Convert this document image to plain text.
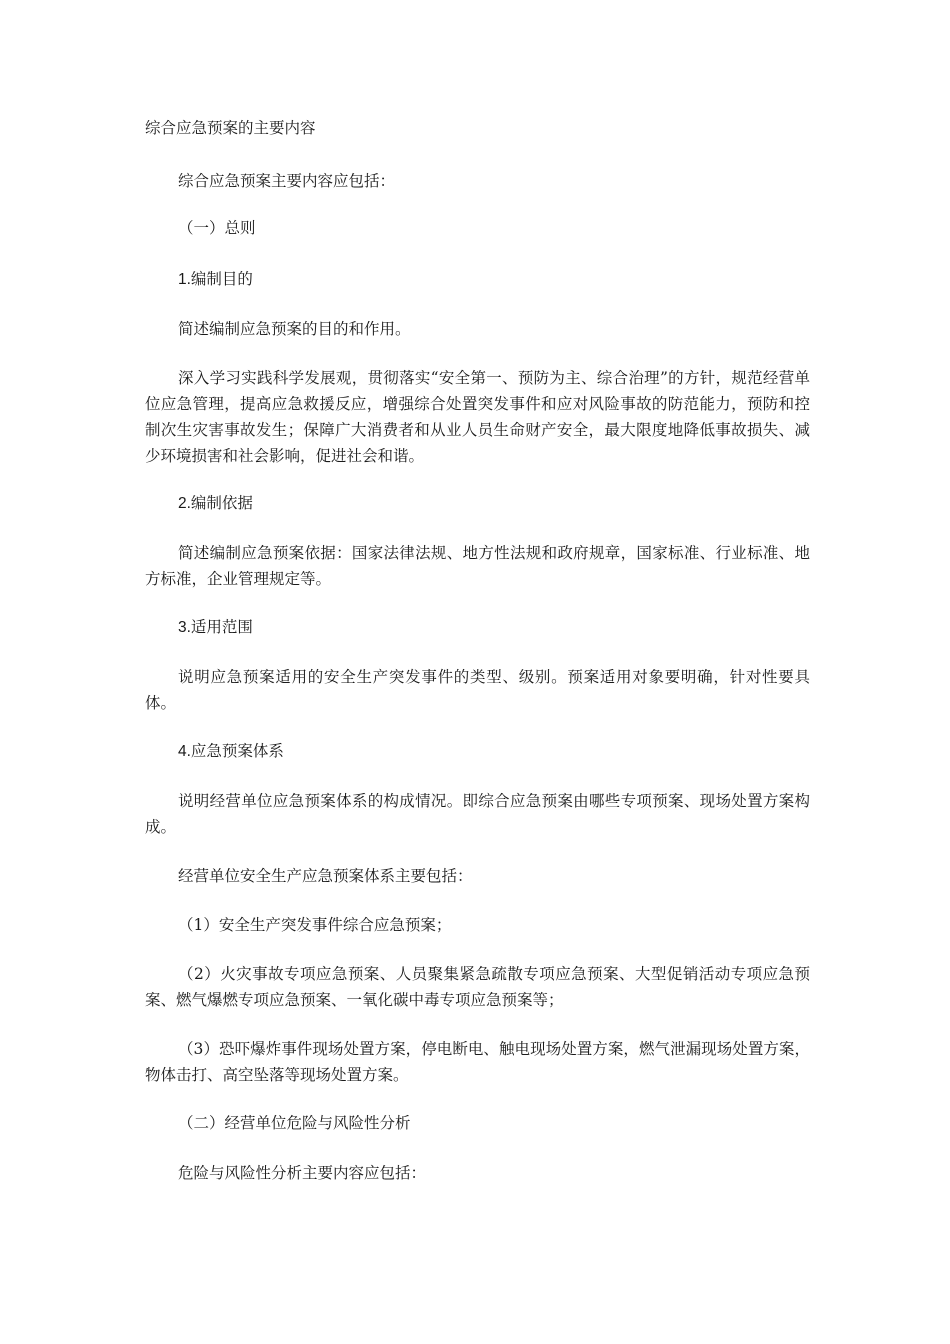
综合应急预案的主要内容
综合应急预案主要内容应包括：
（一）总则
1.编制目的
简述编制应急预案的目的和作用。
深入学习实践科学发展观，贯彻落实“安全第一、预防为主、综合治理”的方针，规范经营单位应急管理，提高应急救援反应，增强综合处置突发事件和应对风险事故的防范能力，预防和控制次生灾害事故发生；保障广大消费者和从业人员生命财产安全，最大限度地降低事故损失、减少环境损害和社会影响，促进社会和谐。
2.编制依据
简述编制应急预案依据：国家法律法规、地方性法规和政府规章，国家标准、行业标准、地方标准，企业管理规定等。
3.适用范围
说明应急预案适用的安全生产突发事件的类型、级别。预案适用对象要明确，针对性要具体。
4.应急预案体系
说明经营单位应急预案体系的构成情况。即综合应急预案由哪些专项预案、现场处置方案构成。
经营单位安全生产应急预案体系主要包括：
（1）安全生产突发事件综合应急预案；
（2）火灾事故专项应急预案、人员聚集紧急疏散专项应急预案、大型促销活动专项应急预案、燃气爆燃专项应急预案、一氧化碳中毒专项应急预案等；
（3）恐吓爆炸事件现场处置方案，停电断电、触电现场处置方案，燃气泄漏现场处置方案，物体击打、高空坠落等现场处置方案。
（二）经营单位危险与风险性分析
危险与风险性分析主要内容应包括：
